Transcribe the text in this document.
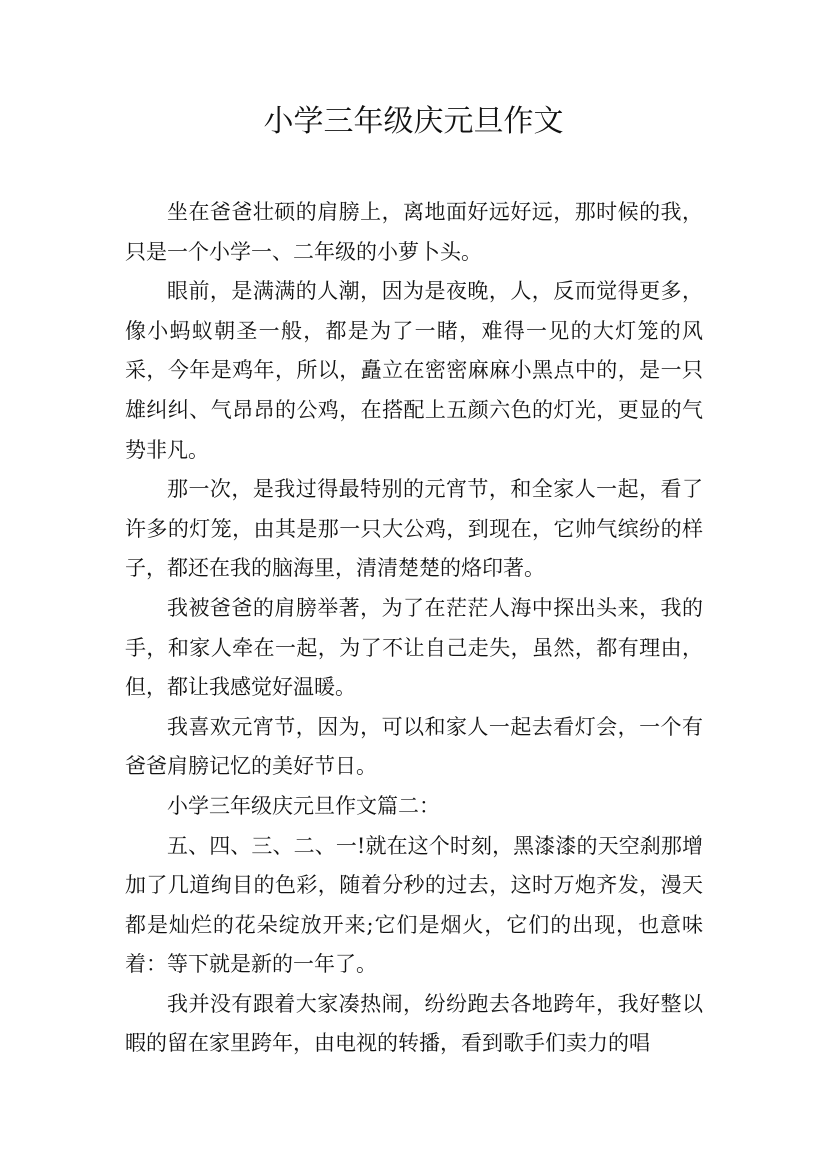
小学三年级庆元旦作文

坐在爸爸壮硕的肩膀上，离地面好远好远，那时候的我，只是一个小学一、二年级的小萝卜头。

眼前，是满满的人潮，因为是夜晚，人，反而觉得更多，像小蚂蚁朝圣一般，都是为了一睹，难得一见的大灯笼的风采，今年是鸡年，所以，矗立在密密麻麻小黑点中的，是一只雄纠纠、气昂昂的公鸡，在搭配上五颜六色的灯光，更显的气势非凡。

那一次，是我过得最特别的元宵节，和全家人一起，看了许多的灯笼，由其是那一只大公鸡，到现在，它帅气缤纷的样子，都还在我的脑海里，清清楚楚的烙印著。

我被爸爸的肩膀举著，为了在茫茫人海中探出头来，我的手，和家人牵在一起，为了不让自己走失，虽然，都有理由，但，都让我感觉好温暖。

我喜欢元宵节，因为，可以和家人一起去看灯会，一个有爸爸肩膀记忆的美好节日。

小学三年级庆元旦作文篇二：

五、四、三、二、一!就在这个时刻，黑漆漆的天空刹那增加了几道绚目的色彩，随着分秒的过去，这时万炮齐发，漫天都是灿烂的花朵绽放开来;它们是烟火，它们的出现，也意味着：等下就是新的一年了。

我并没有跟着大家凑热闹，纷纷跑去各地跨年，我好整以暇的留在家里跨年，由电视的转播，看到歌手们卖力的唱
